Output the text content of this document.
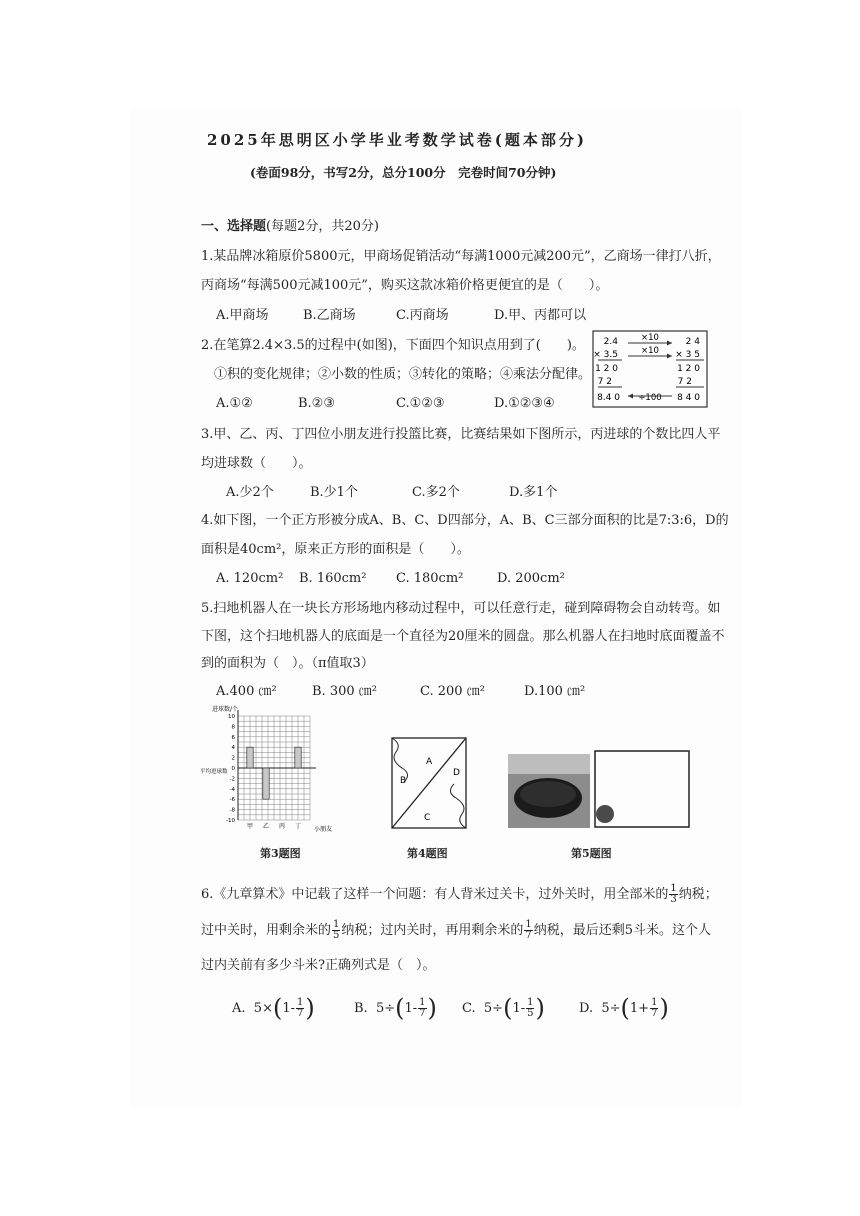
2025年思明区小学毕业考数学试卷(题本部分)
(卷面98分，书写2分，总分100分　完卷时间70分钟)
一、选择题(每题2分，共20分)
1.某品牌冰箱原价5800元，甲商场促销活动“每满1000元减200元”，乙商场一律打八折，
丙商场“每满500元减100元”，购买这款冰箱价格更便宜的是（　　）。
A.甲商场	B.乙商场	C.丙商场	D.甲、丙都可以
2.在笔算2.4×3.5的过程中(如图)，下面四个知识点用到了(　　)。
①积的变化规律；②小数的性质；③转化的策略；④乘法分配律。
A.①②	B.②③	C.①②③	D.①②③④
2.4
× 3.5
1 2 0
7 2
8.4 0
×10
×10
÷100
2 4
× 3 5
1 2 0
7 2
8 4 0
3.甲、乙、丙、丁四位小朋友进行投篮比赛，比赛结果如下图所示，丙进球的个数比四人平
均进球数（　　）。
A.少2个	B.少1个	C.多2个	D.多1个
4.如下图，一个正方形被分成A、B、C、D四部分，A、B、C三部分面积的比是7:3:6，D的
面积是40cm²，原来正方形的面积是（　　）。
A. 120cm² B. 160cm² C. 180cm²	D. 200cm²
5.扫地机器人在一块长方形场地内移动过程中，可以任意行走，碰到障碍物会自动转弯。如
下图，这个扫地机器人的底面是一个直径为20厘米的圆盘。那么机器人在扫地时底面覆盖不
到的面积为（　）。（π值取3）
A.400 ㎝²	B. 300 ㎝²	C. 200 ㎝²	D.100 ㎝²
进球数/个
平均进球数
小朋友
10
8
6
4
2
0
-2
-4
-6
-8
-10
甲 乙 丙 丁
A
B
C
D
第3题图	第4题图	第5题图
6.《九章算术》中记载了这样一个问题：有人背米过关卡，过外关时，用全部米的 $\frac{1}{3}$ 纳税；
过中关时，用剩余米的 $\frac{1}{5}$ 纳税；过内关时，再用剩余米的 $\frac{1}{7}$ 纳税，最后还剩5斗米。这个人
过内关前有多少斗米?正确列式是（　）。
A.
5× ( $1- \frac{1}{7}$ )	B.
5÷ ( $1- \frac{1}{7}$ ) C.
5÷ ( $1- \frac{1}{5}$ )	D.
5÷ ( $1+ \frac{1}{7}$ )
